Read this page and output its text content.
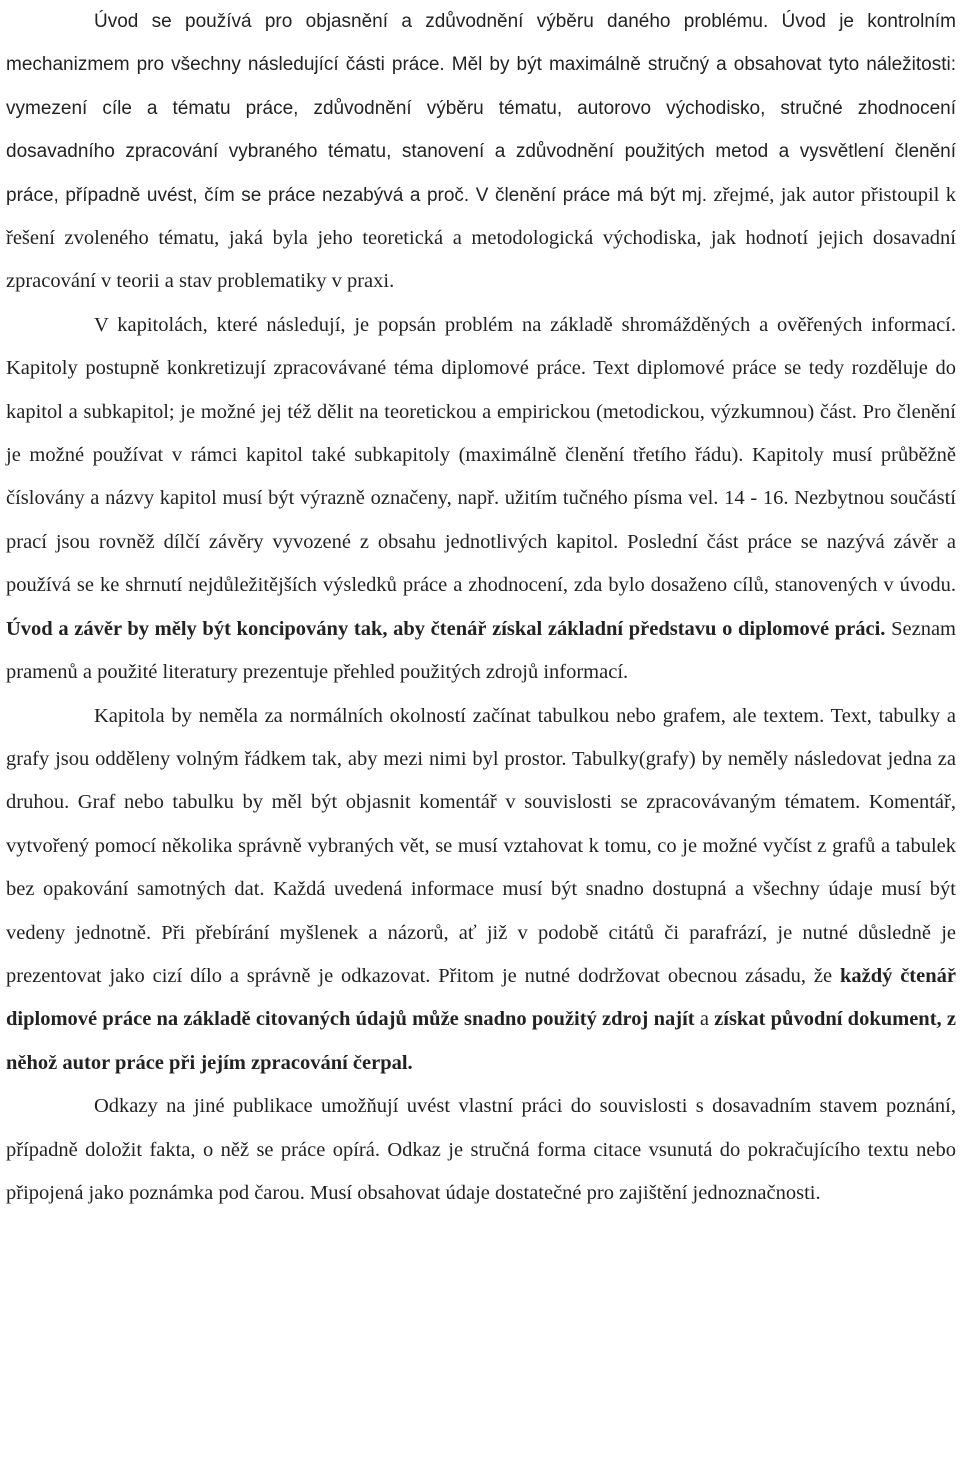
Úvod se používá pro objasnění a zdůvodnění výběru daného problému. Úvod je kontrolním mechanizmem pro všechny následující části práce. Měl by být maximálně stručný a obsahovat tyto náležitosti: vymezení cíle a tématu práce, zdůvodnění výběru tématu, autorovo východisko, stručné zhodnocení dosavadního zpracování vybraného tématu, stanovení a zdůvodnění použitých metod a vysvětlení členění práce, případně uvést, čím se práce nezabývá a proč. V členění práce má být mj. zřejmé, jak autor přistoupil k řešení zvoleného tématu, jaká byla jeho teoretická a metodologická východiska, jak hodnotí jejich dosavadní zpracování v teorii a stav problematiky v praxi.

V kapitolách, které následují, je popsán problém na základě shromážděných a ověřených informací. Kapitoly postupně konkretizují zpracovávané téma diplomové práce. Text diplomové práce se tedy rozděluje do kapitol a subkapitol; je možné jej též dělit na teoretickou a empirickou (metodickou, výzkumnou) část. Pro členění je možné používat v rámci kapitol také subkapitoly (maximálně členění třetího řádu). Kapitoly musí průběžně číslovány a názvy kapitol musí být výrazně označeny, např. užitím tučného písma vel. 14 - 16. Nezbytnou součástí prací jsou rovněž dílčí závěry vyvozené z obsahu jednotlivých kapitol. Poslední část práce se nazývá závěr a používá se ke shrnutí nejdůležitějších výsledků práce a zhodnocení, zda bylo dosaženo cílů, stanovených v úvodu. Úvod a závěr by měly být koncipovány tak, aby čtenář získal základní představu o diplomové práci. Seznam pramenů a použité literatury prezentuje přehled použitých zdrojů informací.

Kapitola by neměla za normálních okolností začínat tabulkou nebo grafem, ale textem. Text, tabulky a grafy jsou odděleny volným řádkem tak, aby mezi nimi byl prostor. Tabulky(grafy) by neměly následovat jedna za druhou. Graf nebo tabulku by měl být objasnit komentář v souvislosti se zpracovávaným tématem. Komentář, vytvořený pomocí několika správně vybraných vět, se musí vztahovat k tomu, co je možné vyčíst z grafů a tabulek bez opakování samotných dat. Každá uvedená informace musí být snadno dostupná a všechny údaje musí být vedeny jednotně. Při přebírání myšlenek a názorů, ať již v podobě citátů či parafrází, je nutné důsledně je prezentovat jako cizí dílo a správně je odkazovat. Přitom je nutné dodržovat obecnou zásadu, že každý čtenář diplomové práce na základě citovaných údajů může snadno použitý zdroj najít a získat původní dokument, z něhož autor práce při jejím zpracování čerpal.

Odkazy na jiné publikace umožňují uvést vlastní práci do souvislosti s dosavadním stavem poznání, případně doložit fakta, o něž se práce opírá. Odkaz je stručná forma citace vsunutá do pokračujícího textu nebo připojená jako poznámka pod čarou. Musí obsahovat údaje dostatečné pro zajištění jednoznačnosti.
